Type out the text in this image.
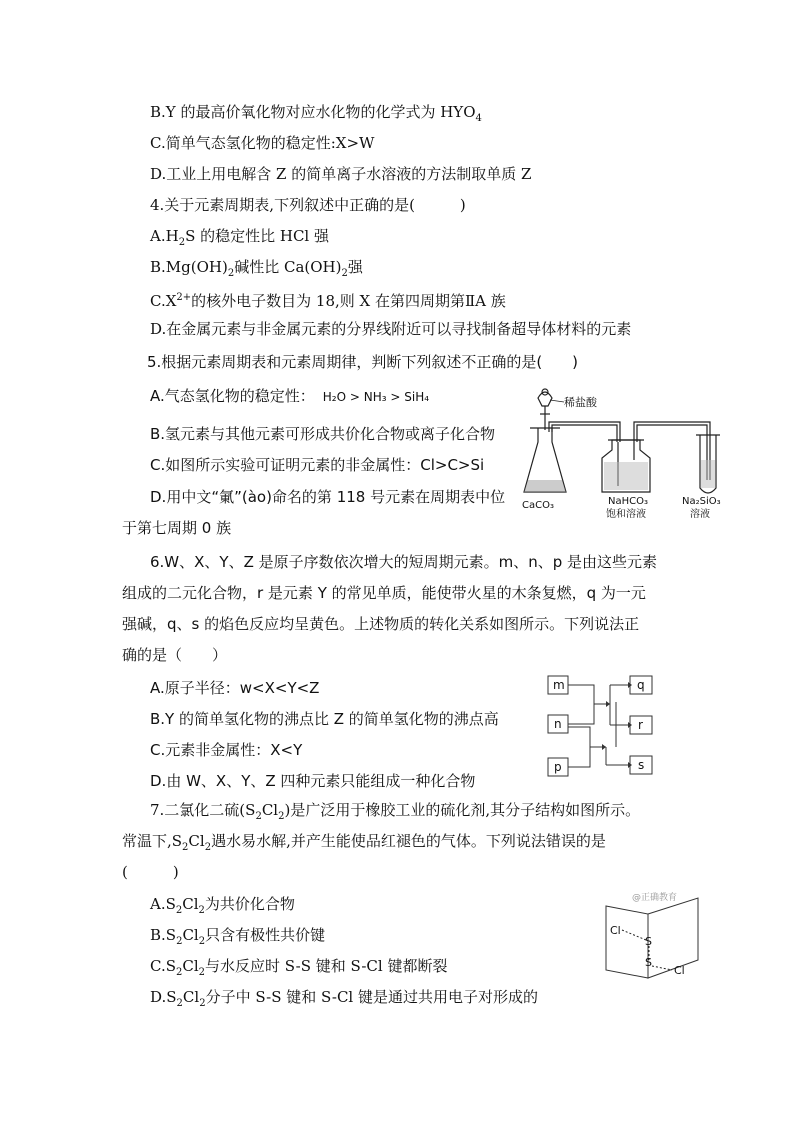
B.Y 的最高价氧化物对应水化物的化学式为 $HYO_4$
C.简单气态氢化物的稳定性:X>W
D.工业上用电解含 Z 的简单离子水溶液的方法制取单质 Z
4.关于元素周期表,下列叙述中正确的是(　　　)
$A.H_2S$ 的稳定性比 HCl 强
$B.Mg(OH)_2$碱性比 $Ca(OH)_2$强
$C.X^{2+}$的核外电子数目为 18,则 X 在第四周期第ⅡA 族
D.在金属元素与非金属元素的分界线附近可以寻找制备超导体材料的元素
5.根据元素周期表和元素周期律，判断下列叙述不正确的是(　　)
A.气态氢化物的稳定性： H₂O > NH₃ > SiH₄
B.氢元素与其他元素可形成共价化合物或离子化合物
C.如图所示实验可证明元素的非金属性：Cl>C>Si
D.用中文“氭”(ào)命名的第 118 号元素在周期表中位
于第七周期 0 族
稀盐酸
CaCO₃	NaHCO₃
饱和溶液
Na₂SiO₃
溶液
6.W、X、Y、Z 是原子序数依次增大的短周期元素。m、n、p 是由这些元素
组成的二元化合物，r 是元素 Y 的常见单质，能使带火星的木条复燃，q 为一元
强碱，q、s 的焰色反应均呈黄色。上述物质的转化关系如图所示。下列说法正
确的是（　　）
A.原子半径：w<X<Y<Z
B.Y 的简单氢化物的沸点比 Z 的简单氢化物的沸点高
C.元素非金属性：X<Y
D.由 W、X、Y、Z 四种元素只能组成一种化合物
m
n
p
q
r
s
7.二氯化二硫$(S_2Cl_2)$是广泛用于橡胶工业的硫化剂,其分子结构如图所示。
常温下$,S_2Cl_2$遇水易水解,并产生能使品红褪色的气体。下列说法错误的是
(　　　)
$A.S_2Cl_2$为共价化合物
$B.S_2Cl_2$只含有极性共价键
$C.S_2Cl_2$与水反应时 S-S 键和 S-Cl 键都断裂
$D.S_2Cl_2$分子中 S-S 键和 S-Cl 键是通过共用电子对形成的
@正确教育
Cl
S
S
Cl
